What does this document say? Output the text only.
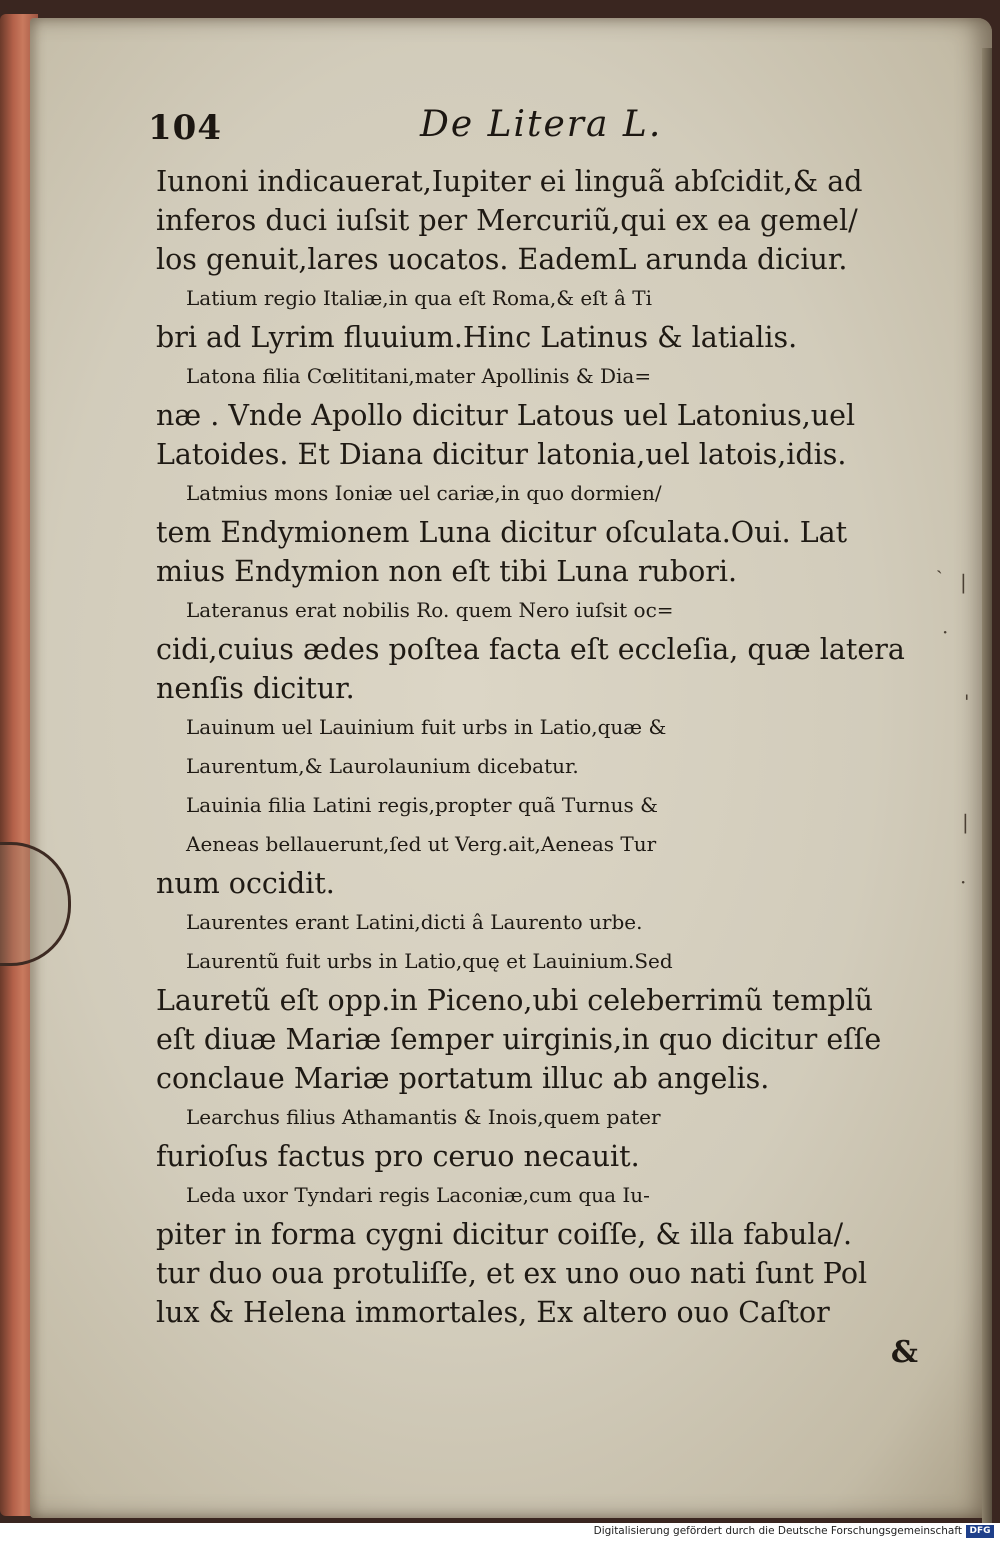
104	De Litera L.
Iunoni indicauerat,Iupiter ei linguã abſcidit,& ad
inferos duci iuſsit per Mercuriũ,qui ex ea gemel/
los genuit,lares uocatos. EademL arunda diciur.
Latium regio Italiæ,in qua eſt Roma,& eſt â Ti
bri ad Lyrim fluuium.Hinc Latinus & latialis.
Latona filia Cœlititani,mater Apollinis & Dia=
næ . Vnde Apollo dicitur Latous uel Latonius,uel
Latoides. Et Diana dicitur latonia,uel latois,idis.
Latmius mons Ioniæ uel cariæ,in quo dormien/
tem Endymionem Luna dicitur oſculata.Oui. Lat
mius Endymion non eſt tibi Luna rubori.
Lateranus erat nobilis Ro. quem Nero iuſsit oc=
cidi,cuius ædes poſtea facta eſt eccleſia, quæ latera
nenſis dicitur.
Lauinum uel Lauinium fuit urbs in Latio,quæ &
Laurentum,& Laurolaunium dicebatur.
Lauinia filia Latini regis,propter quã Turnus &
Aeneas bellauerunt,ſed ut Verg.ait,Aeneas Tur
num occidit.
Laurentes erant Latini,dicti â Laurento urbe.
Laurentũ fuit urbs in Latio,quę et Lauinium.Sed
Lauretũ eſt opp.in Piceno,ubi celeberrimũ templũ
eſt diuæ Mariæ ſemper uirginis,in quo dicitur eſſe
conclaue Mariæ portatum illuc ab angelis.
Learchus filius Athamantis & Inois,quem pater
furioſus factus pro ceruo necauit.
Leda uxor Tyndari regis Laconiæ,cum qua Iu-
piter in forma cygni dicitur coiſſe, & illa fabula/.
tur duo oua protuliſſe, et ex uno ouo nati ſunt Pol
lux & Helena immortales, Ex altero ouo Caſtor
&
ˎ
|
·
'
|
·
Digitalisierung gefördert durch die Deutsche Forschungsgemeinschaft DFG
